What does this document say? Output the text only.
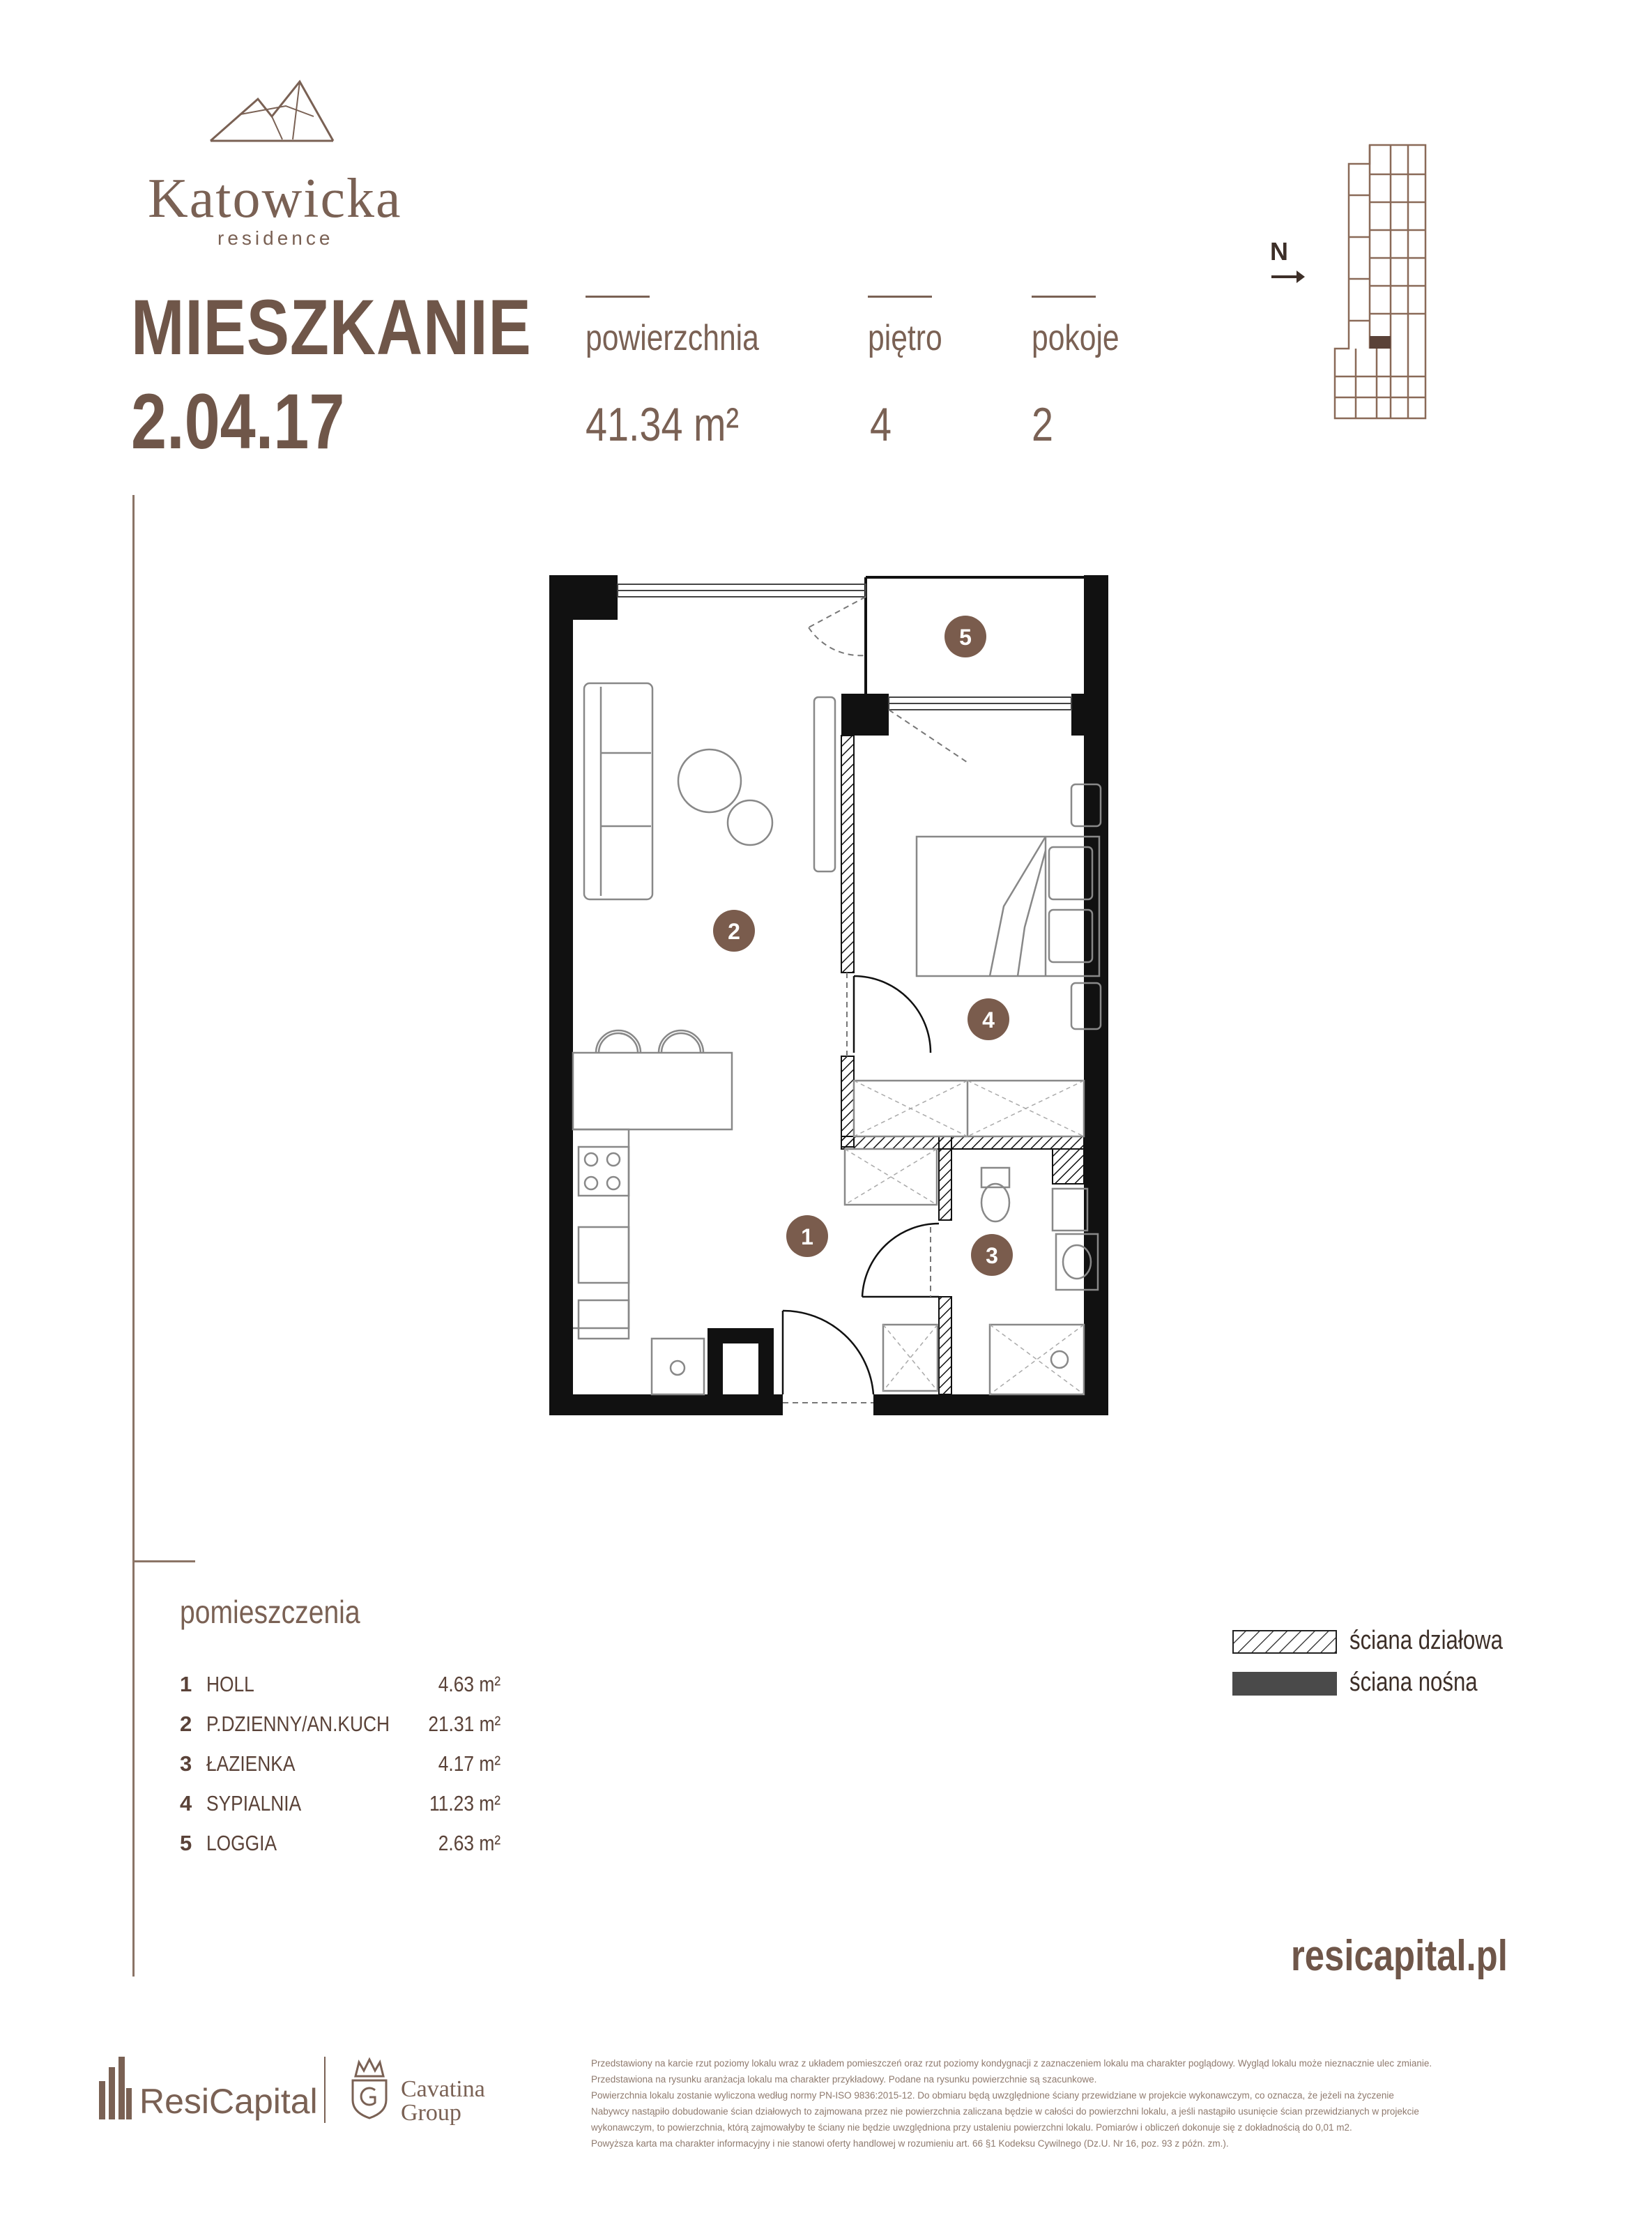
Katowicka
residence
MIESZKANIE
2.04.17
powierzchnia
41.34 m²
piętro
4
pokoje
2
N
1
2
3
4
5
pomieszczenia
1 HOLL	4.63 m²
2 P.DZIENNY/AN.KUCH 21.31 m²
3 ŁAZIENKA	4.17 m²
4 SYPIALNIA	11.23 m²
5 LOGGIA	2.63 m²
ściana działowa
ściana nośna
resicapital.pl
ResiCapital	Cavatina
Group

Przedstawiony na karcie rzut poziomy lokalu wraz z układem pomieszczeń oraz rzut poziomy kondygnacji z zaznaczeniem lokalu ma charakter poglądowy. Wygląd lokalu może nieznacznie ulec zmianie.

Przedstawiona na rysunku aranżacja lokalu ma charakter przykładowy. Podane na rysunku powierzchnie są szacunkowe.

Powierzchnia lokalu zostanie wyliczona według normy PN-ISO 9836:2015-12. Do obmiaru będą uwzględnione ściany przewidziane w projekcie wykonawczym, co oznacza, że jeżeli na życzenie

Nabywcy nastąpiło dobudowanie ścian działowych to zajmowana przez nie powierzchnia zaliczana będzie w całości do powierzchni lokalu, a jeśli nastąpiło usunięcie ścian przewidzianych w projekcie

wykonawczym, to powierzchnia, którą zajmowałyby te ściany nie będzie uwzględniona przy ustaleniu powierzchni lokalu. Pomiarów i obliczeń dokonuje się z dokładnością do 0,01 m2.

Powyższa karta ma charakter informacyjny i nie stanowi oferty handlowej w rozumieniu art. 66 §1 Kodeksu Cywilnego (Dz.U. Nr 16, poz. 93 z późn. zm.).
